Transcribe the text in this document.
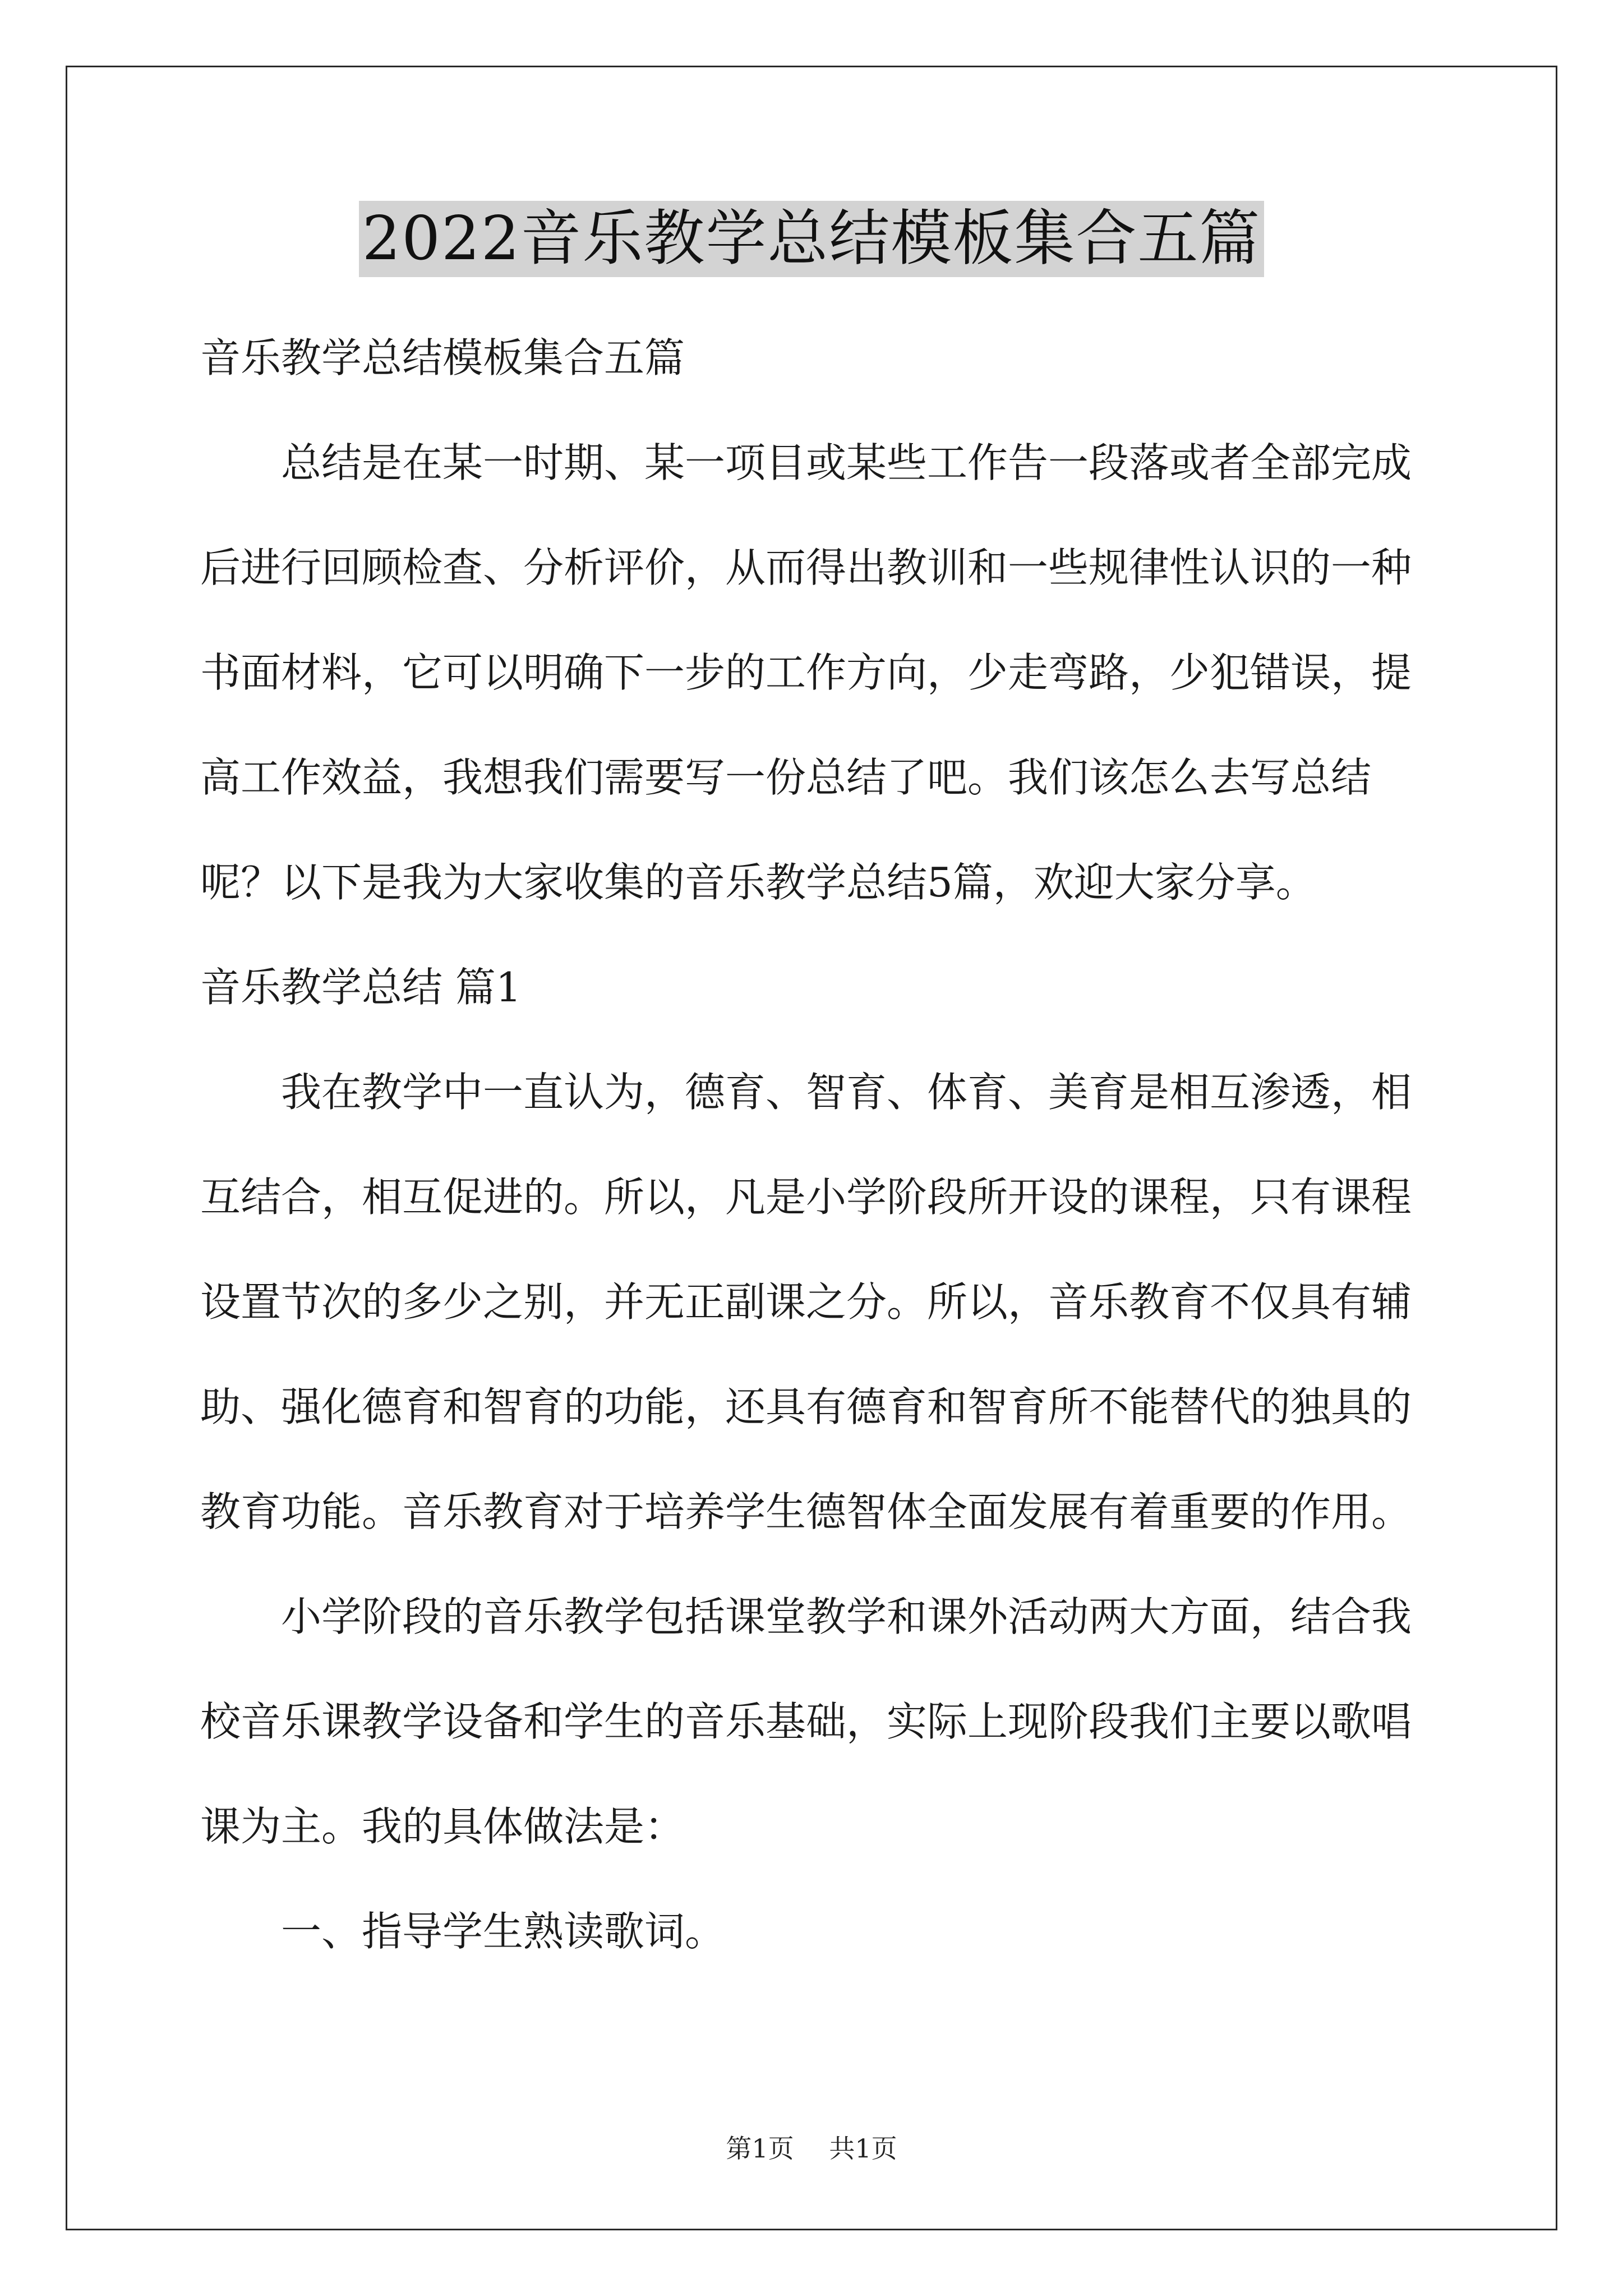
2022音乐教学总结模板集合五篇

音乐教学总结模板集合五篇

总结是在某一时期、某一项目或某些工作告一段落或者全部完成后进行回顾检查、分析评价，从而得出教训和一些规律性认识的一种书面材料，它可以明确下一步的工作方向，少走弯路，少犯错误，提高工作效益，我想我们需要写一份总结了吧。我们该怎么去写总结呢？以下是我为大家收集的音乐教学总结5篇，欢迎大家分享。

音乐教学总结 篇1

我在教学中一直认为，德育、智育、体育、美育是相互渗透，相互结合，相互促进的。所以，凡是小学阶段所开设的课程，只有课程设置节次的多少之别，并无正副课之分。所以，音乐教育不仅具有辅助、强化德育和智育的功能，还具有德育和智育所不能替代的独具的教育功能。音乐教育对于培养学生德智体全面发展有着重要的作用。

小学阶段的音乐教学包括课堂教学和课外活动两大方面，结合我校音乐课教学设备和学生的音乐基础，实际上现阶段我们主要以歌唱课为主。我的具体做法是：

一、指导学生熟读歌词。

第1页 共1页
